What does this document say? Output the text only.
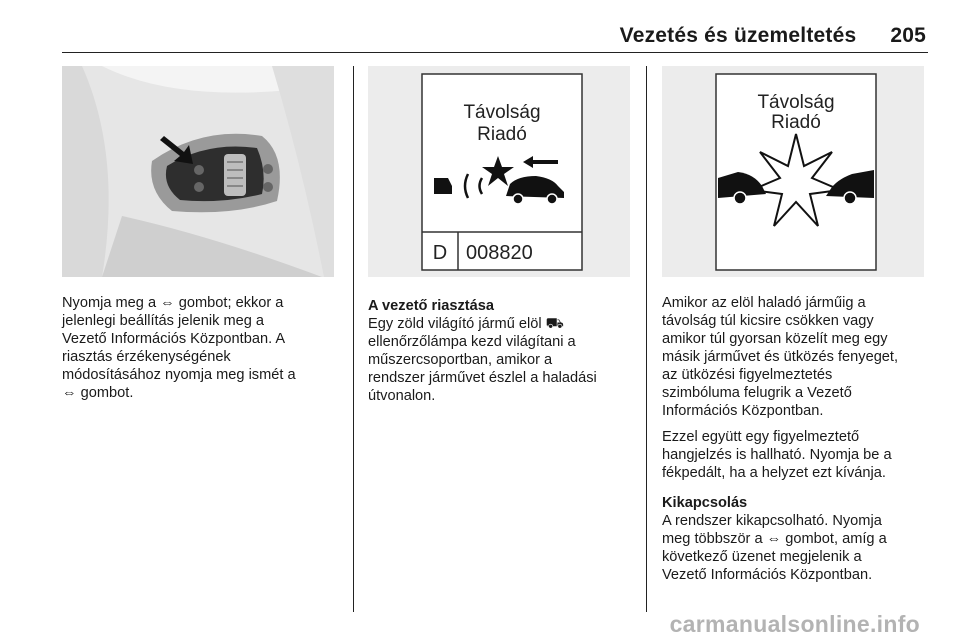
Vezetés és üzemeltetés 205

Nyomja meg a ⇔ gombot; ekkor a

jelenlegi beállítás jelenik meg a

Vezető Információs Központban. A

riasztás érzékenységének

módosításához nyomja meg ismét a

⇔ gombot.

Távolság
Riadó
D 008820

A vezető riasztása

Egy zöld világító jármű elöl ⛟

ellenőrzőlámpa kezd világítani a

műszercsoportban, amikor a

rendszer járművet észlel a haladási

útvonalon.

Távolság
Riadó

Amikor az elöl haladó járműig a

távolság túl kicsire csökken vagy

amikor túl gyorsan közelít meg egy

másik járművet és ütközés fenyeget,

az ütközési figyelmeztetés

szimbóluma felugrik a Vezető

Információs Központban.

Ezzel együtt egy figyelmeztető

hangjelzés is hallható. Nyomja be a

fékpedált, ha a helyzet ezt kívánja.

Kikapcsolás

A rendszer kikapcsolható. Nyomja

meg többször a ⇔ gombot, amíg a

következő üzenet megjelenik a

Vezető Információs Központban.

carmanualsonline.info
